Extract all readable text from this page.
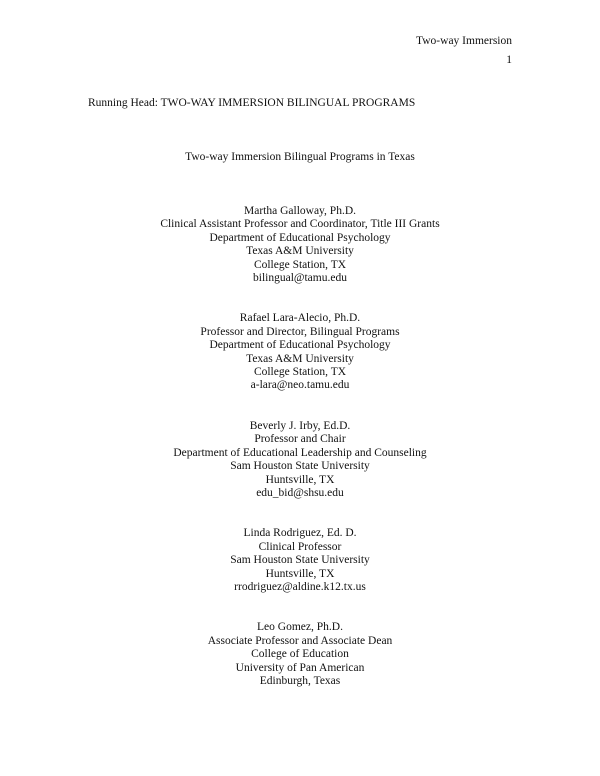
Two-way Immersion
1
Running Head: TWO-WAY IMMERSION BILINGUAL PROGRAMS
Two-way Immersion Bilingual Programs in Texas
Martha Galloway, Ph.D.
Clinical Assistant Professor and Coordinator, Title III Grants
Department of Educational Psychology
Texas A&M University
College Station, TX
bilingual@tamu.edu
Rafael Lara-Alecio, Ph.D.
Professor and Director, Bilingual Programs
Department of Educational Psychology
Texas A&M University
College Station, TX
a-lara@neo.tamu.edu
Beverly J. Irby, Ed.D.
Professor and Chair
Department of Educational Leadership and Counseling
Sam Houston State University
Huntsville, TX
edu_bid@shsu.edu
Linda Rodriguez, Ed. D.
Clinical Professor
Sam Houston State University
Huntsville, TX
rrodriguez@aldine.k12.tx.us
Leo Gomez, Ph.D.
Associate Professor and Associate Dean
College of Education
University of Pan American
Edinburgh, Texas
